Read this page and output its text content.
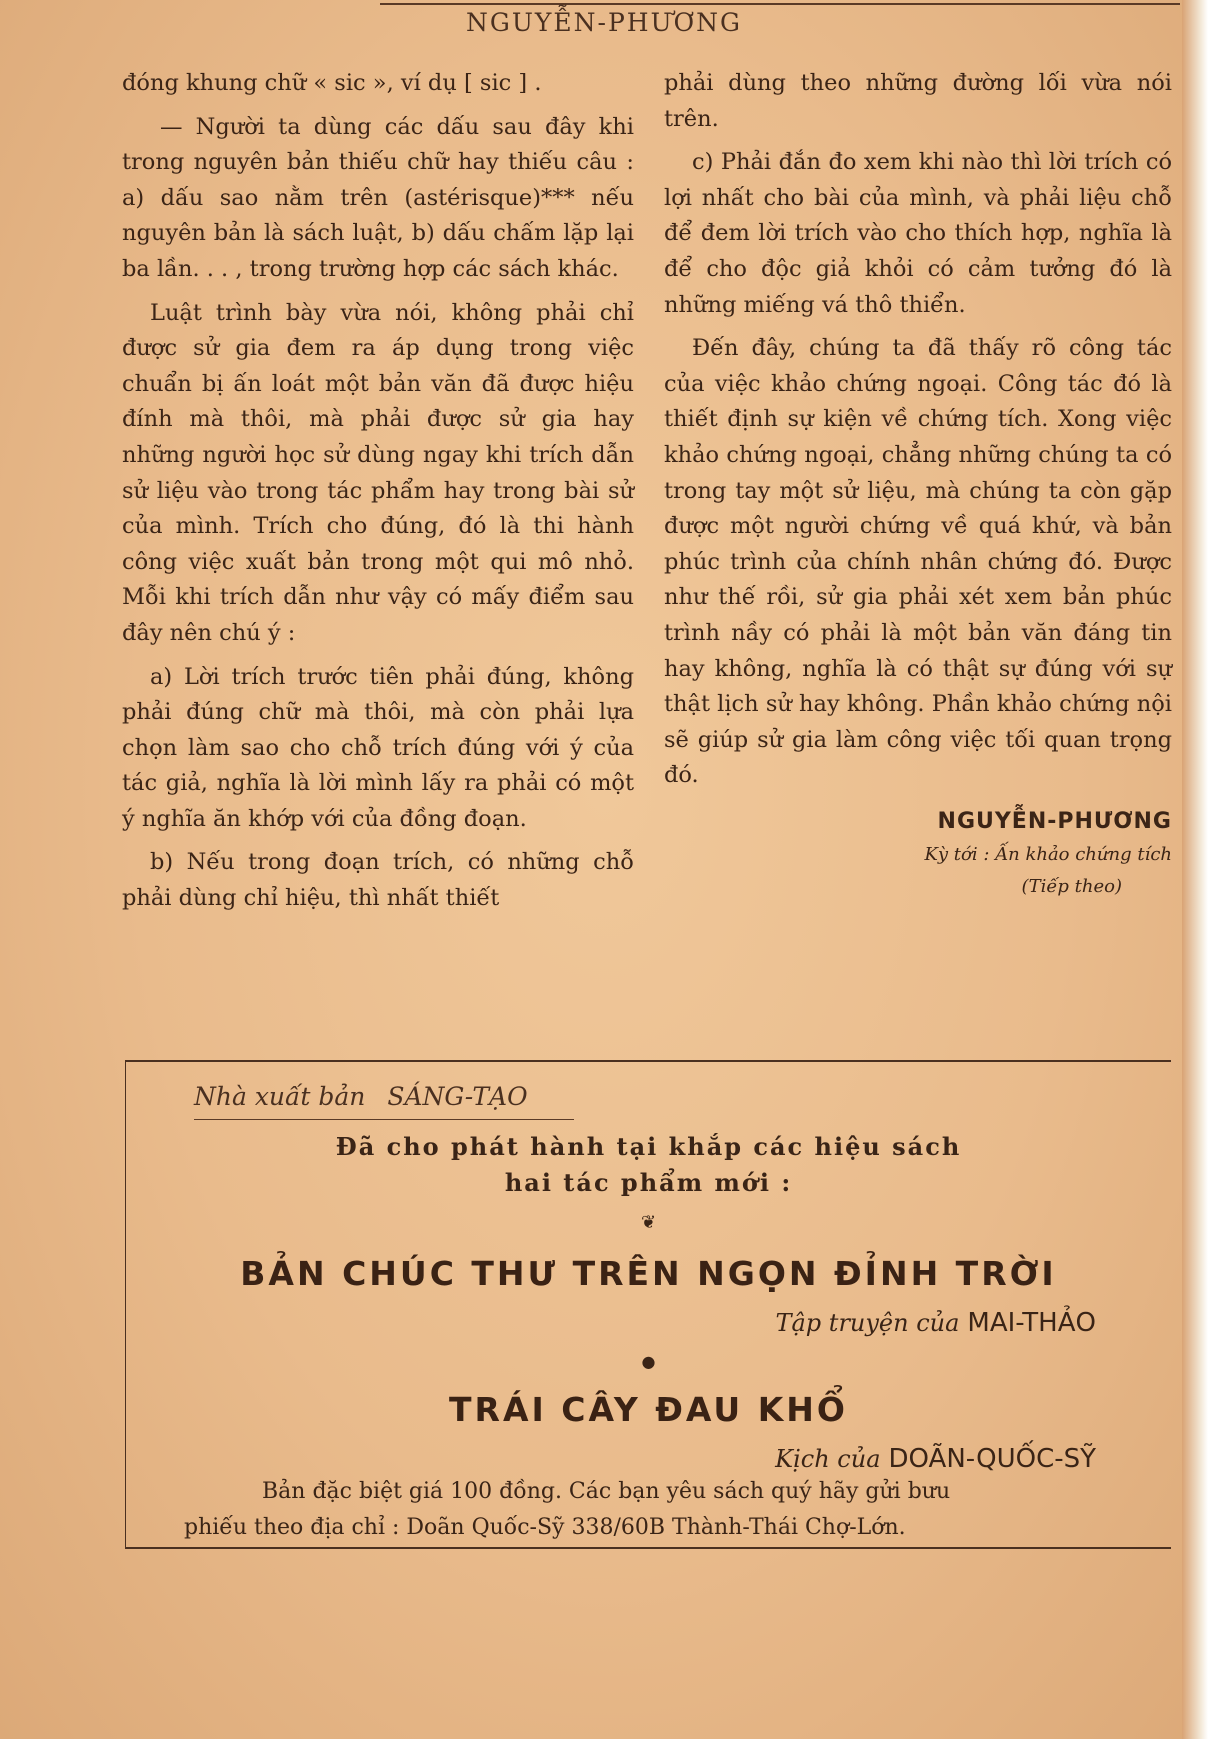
NGUYỄN-PHƯƠNG

đóng khung chữ « sic », ví dụ [ sic ] .

— Người ta dùng các dấu sau đây khi trong nguyên bản thiếu chữ hay thiếu câu : a) dấu sao nằm trên (astérisque)*** nếu nguyên bản là sách luật, b) dấu chấm lặp lại ba lần. . . , trong trường hợp các sách khác.

Luật trình bày vừa nói, không phải chỉ được sử gia đem ra áp dụng trong việc chuẩn bị ấn loát một bản văn đã được hiệu đính mà thôi, mà phải được sử gia hay những người học sử dùng ngay khi trích dẫn sử liệu vào trong tác phẩm hay trong bài sử của mình. Trích cho đúng, đó là thi hành công việc xuất bản trong một qui mô nhỏ. Mỗi khi trích dẫn như vậy có mấy điểm sau đây nên chú ý :

a) Lời trích trước tiên phải đúng, không phải đúng chữ mà thôi, mà còn phải lựa chọn làm sao cho chỗ trích đúng với ý của tác giả, nghĩa là lời mình lấy ra phải có một ý nghĩa ăn khớp với của đồng đoạn.

b) Nếu trong đoạn trích, có những chỗ phải dùng chỉ hiệu, thì nhất thiết

phải dùng theo những đường lối vừa nói trên.

c) Phải đắn đo xem khi nào thì lời trích có lợi nhất cho bài của mình, và phải liệu chỗ để đem lời trích vào cho thích hợp, nghĩa là để cho độc giả khỏi có cảm tưởng đó là những miếng vá thô thiển.

Đến đây, chúng ta đã thấy rõ công tác của việc khảo chứng ngoại. Công tác đó là thiết định sự kiện về chứng tích. Xong việc khảo chứng ngoại, chẳng những chúng ta có trong tay một sử liệu, mà chúng ta còn gặp được một người chứng về quá khứ, và bản phúc trình của chính nhân chứng đó. Được như thế rồi, sử gia phải xét xem bản phúc trình nầy có phải là một bản văn đáng tin hay không, nghĩa là có thật sự đúng với sự thật lịch sử hay không. Phần khảo chứng nội sẽ giúp sử gia làm công việc tối quan trọng đó.

NGUYỄN-PHƯƠNG
Kỳ tới : Ấn khảo chứng tích
(Tiếp theo)
Nhà xuất bản SÁNG-TẠO
Đã cho phát hành tại khắp các hiệu sách
hai tác phẩm mới :
❦
BẢN CHÚC THƯ TRÊN NGỌN ĐỈNH TRỜI
Tập truyện của MAI-THẢO
●
TRÁI CÂY ĐAU KHỔ
Kịch của DOÃN-QUỐC-SỸ
Bản đặc biệt giá 100 đồng. Các bạn yêu sách quý hãy gửi bưu
phiếu theo địa chỉ : Doãn Quốc-Sỹ 338/60B Thành-Thái Chợ-Lớn.
